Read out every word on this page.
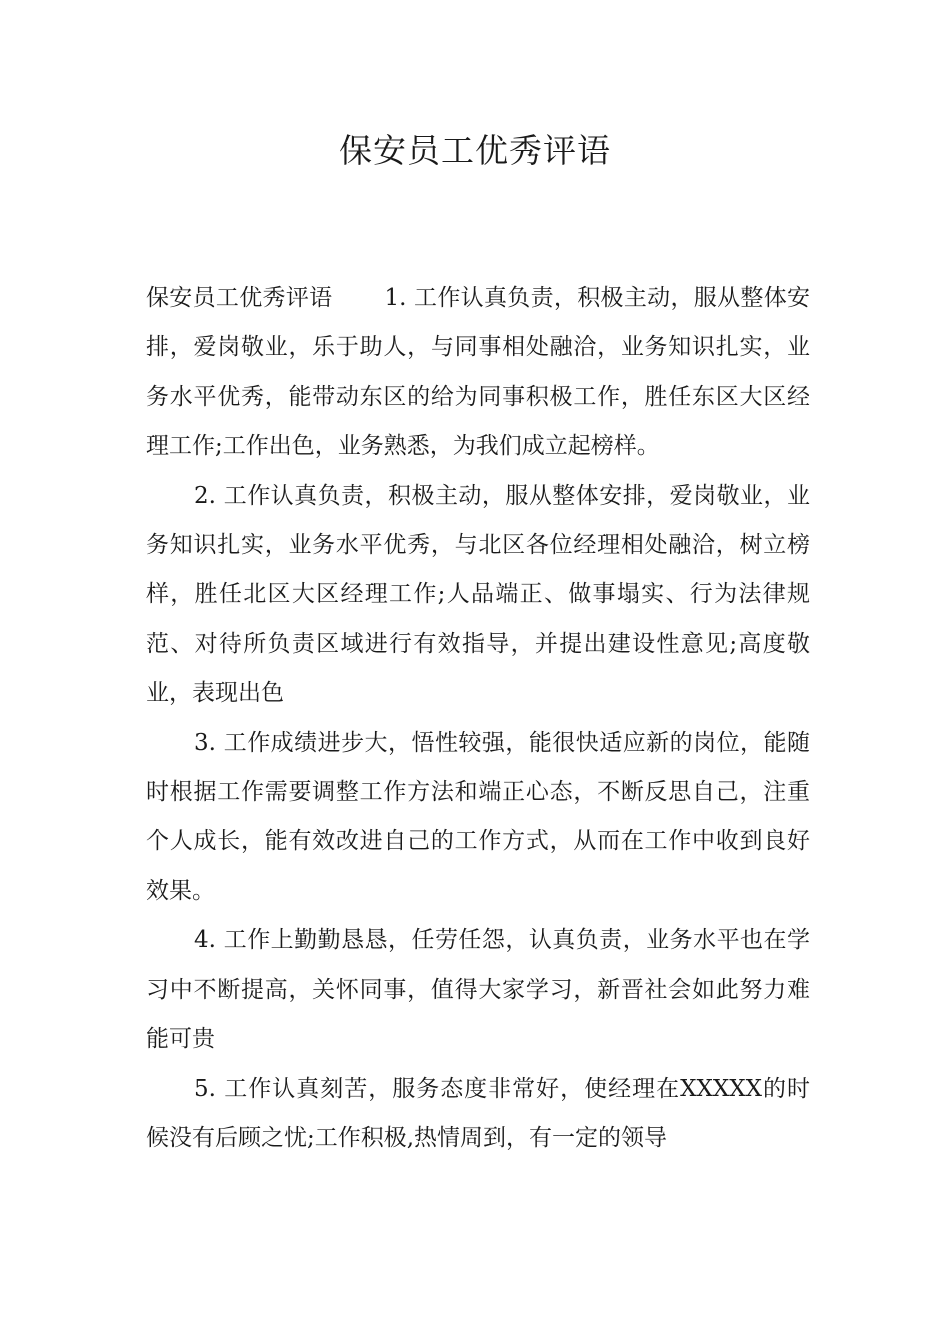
保安员工优秀评语

保安员工优秀评语 1. 工作认真负责，积极主动，服从整体安排，爱岗敬业，乐于助人，与同事相处融洽，业务知识扎实，业务水平优秀，能带动东区的给为同事积极工作，胜任东区大区经理工作;工作出色，业务熟悉，为我们成立起榜样。

2. 工作认真负责，积极主动，服从整体安排，爱岗敬业，业务知识扎实，业务水平优秀，与北区各位经理相处融洽，树立榜样，胜任北区大区经理工作;人品端正、做事塌实、行为法律规范、对待所负责区域进行有效指导，并提出建设性意见;高度敬业，表现出色

3. 工作成绩进步大，悟性较强，能很快适应新的岗位，能随时根据工作需要调整工作方法和端正心态，不断反思自己，注重个人成长，能有效改进自己的工作方式，从而在工作中收到良好效果。

4. 工作上勤勤恳恳，任劳任怨，认真负责，业务水平也在学习中不断提高，关怀同事，值得大家学习，新晋社会如此努力难能可贵

5. 工作认真刻苦，服务态度非常好，使经理在XXXXX的时候没有后顾之忧;工作积极,热情周到，有一定的领导
